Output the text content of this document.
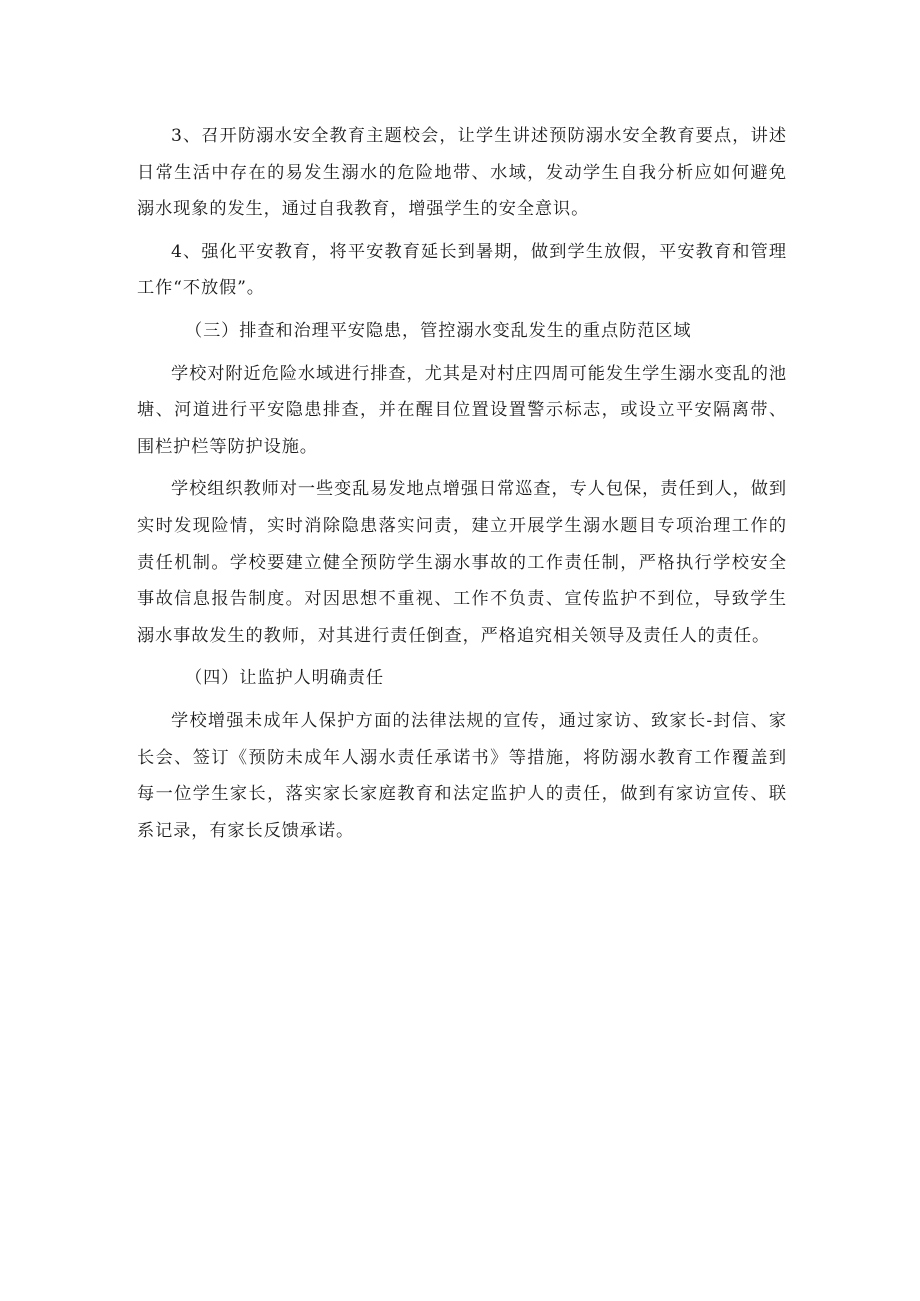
3、召开防溺水安全教育主题校会，让学生讲述预防溺水安全教育要点，讲述日常生活中存在的易发生溺水的危险地带、水域，发动学生自我分析应如何避免溺水现象的发生，通过自我教育，增强学生的安全意识。

4、强化平安教育，将平安教育延长到暑期，做到学生放假，平安教育和管理工作“不放假”。

（三）排查和治理平安隐患，管控溺水变乱发生的重点防范区域

学校对附近危险水域进行排查，尤其是对村庄四周可能发生学生溺水变乱的池塘、河道进行平安隐患排查，并在醒目位置设置警示标志，或设立平安隔离带、围栏护栏等防护设施。

学校组织教师对一些变乱易发地点增强日常巡查，专人包保，责任到人，做到实时发现险情，实时消除隐患落实问责，建立开展学生溺水题目专项治理工作的责任机制。学校要建立健全预防学生溺水事故的工作责任制，严格执行学校安全事故信息报告制度。对因思想不重视、工作不负责、宣传监护不到位，导致学生溺水事故发生的教师，对其进行责任倒查，严格追究相关领导及责任人的责任。

（四）让监护人明确责任

学校增强未成年人保护方面的法律法规的宣传，通过家访、致家长-封信、家长会、签订《预防未成年人溺水责任承诺书》等措施，将防溺水教育工作覆盖到每一位学生家长，落实家长家庭教育和法定监护人的责任，做到有家访宣传、联系记录，有家长反馈承诺。
